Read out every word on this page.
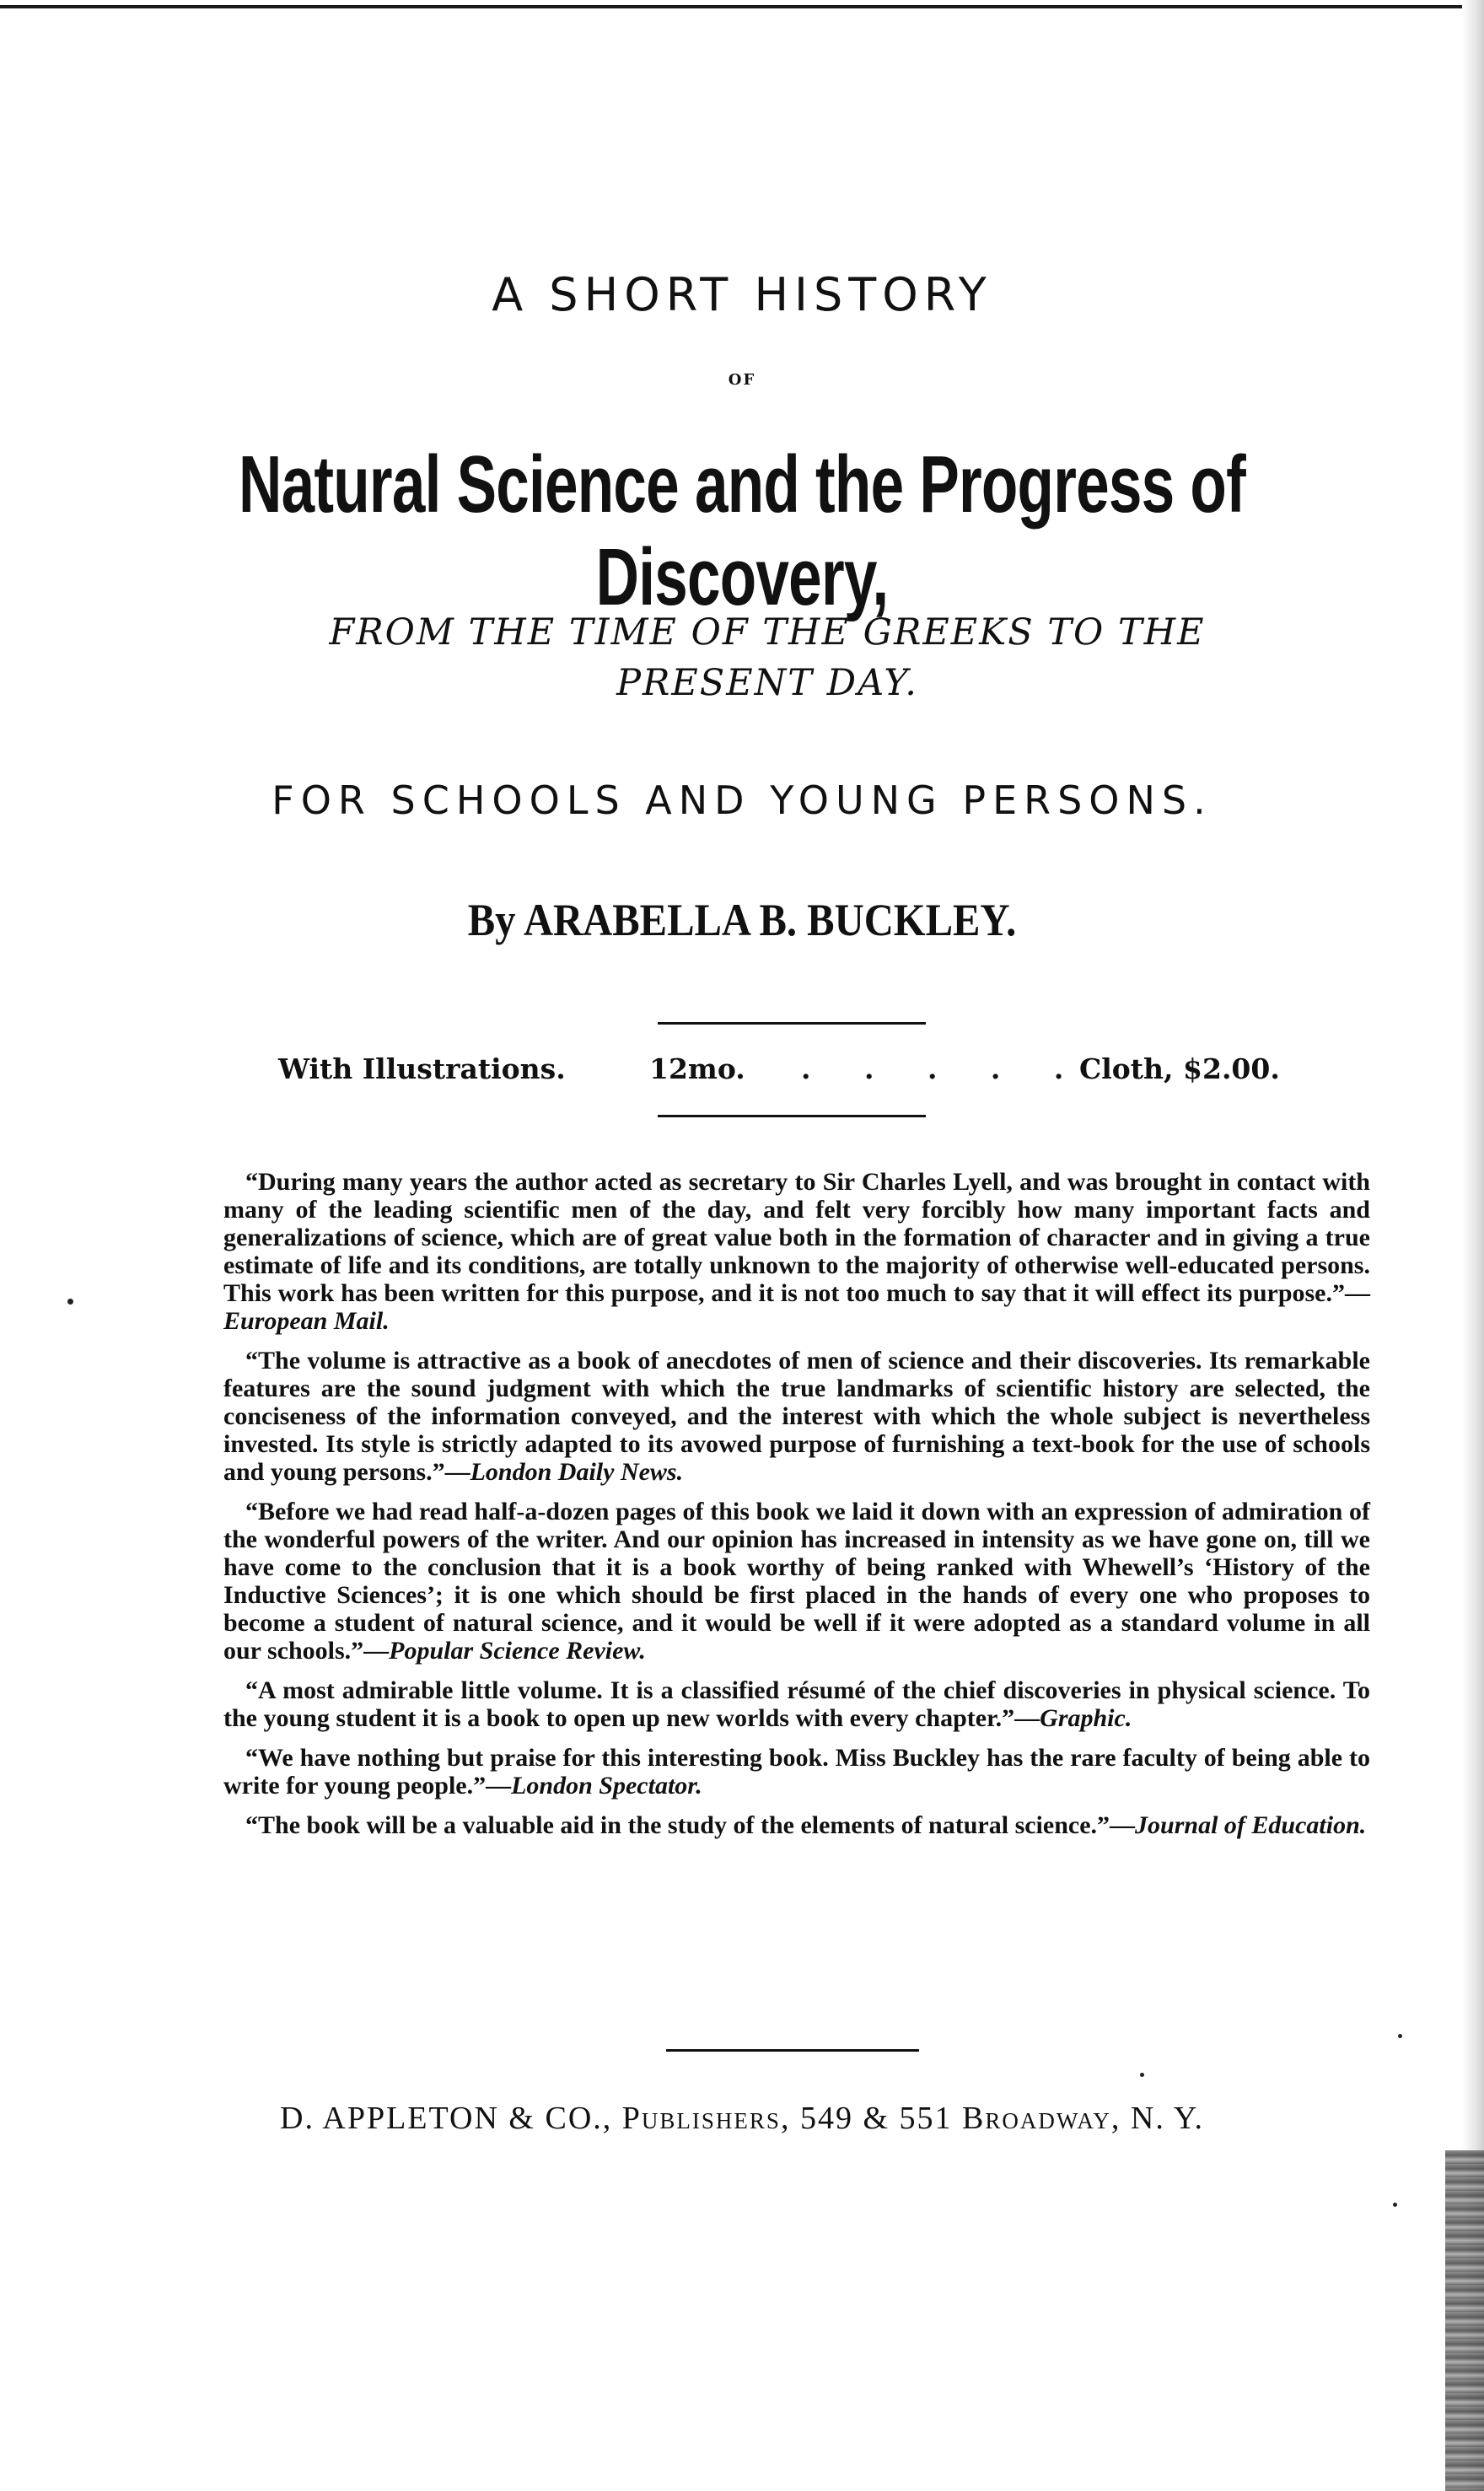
A SHORT HISTORY
OF
Natural Science and the Progress of Discovery,
FROM THE TIME OF THE GREEKS TO THE PRESENT DAY.
FOR SCHOOLS AND YOUNG PERSONS.
By ARABELLA B. BUCKLEY.
With Illustrations.	12mo. . . . . .
Cloth, $2.00.

“During many years the author acted as secretary to Sir Charles Lyell, and was brought in contact with many of the leading scientific men of the day, and felt very forcibly how many important facts and generalizations of science, which are of great value both in the formation of character and in giving a true estimate of life and its conditions, are totally unknown to the majority of otherwise well-educated persons. This work has been written for this purpose, and it is not too much to say that it will effect its purpose.”—European Mail.

“The volume is attractive as a book of anecdotes of men of science and their discoveries. Its remarkable features are the sound judgment with which the true landmarks of scientific history are selected, the conciseness of the information conveyed, and the interest with which the whole subject is nevertheless invested. Its style is strictly adapted to its avowed purpose of furnishing a text-book for the use of schools and young persons.”—London Daily News.

“Before we had read half-a-dozen pages of this book we laid it down with an expression of admiration of the wonderful powers of the writer. And our opinion has increased in intensity as we have gone on, till we have come to the conclusion that it is a book worthy of being ranked with Whewell’s ‘History of the Inductive Sciences’; it is one which should be first placed in the hands of every one who proposes to become a student of natural science, and it would be well if it were adopted as a standard volume in all our schools.”—Popular Science Review.

“A most admirable little volume. It is a classified résumé of the chief discoveries in physical science. To the young student it is a book to open up new worlds with every chapter.”—Graphic.

“We have nothing but praise for this interesting book. Miss Buckley has the rare faculty of being able to write for young people.”—London Spectator.

“The book will be a valuable aid in the study of the elements of natural science.”—Journal of Education.

D. APPLETON & CO., Publishers, 549 & 551 Broadway, N. Y.
